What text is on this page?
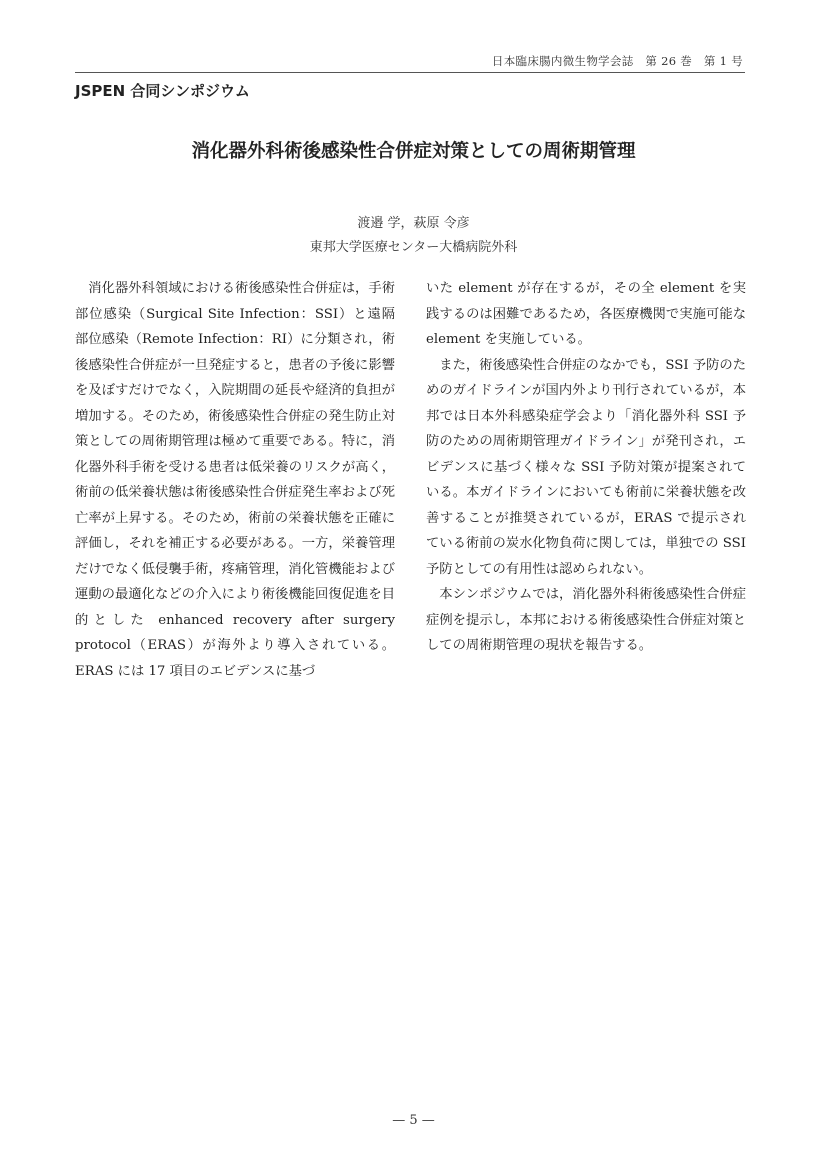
日本臨床腸内微生物学会誌　第 26 巻　第 1 号
JSPEN 合同シンポジウム
消化器外科術後感染性合併症対策としての周術期管理
渡邉 学，萩原 令彦
東邦大学医療センター大橋病院外科

消化器外科領域における術後感染性合併症は，手術部位感染（Surgical Site Infection：SSI）と遠隔部位感染（Remote Infection：RI）に分類され，術後感染性合併症が一旦発症すると，患者の予後に影響を及ぼすだけでなく，入院期間の延長や経済的負担が増加する。そのため，術後感染性合併症の発生防止対策としての周術期管理は極めて重要である。特に，消化器外科手術を受ける患者は低栄養のリスクが高く，術前の低栄養状態は術後感染性合併症発生率および死亡率が上昇する。そのため，術前の栄養状態を正確に評価し，それを補正する必要がある。一方，栄養管理だけでなく低侵襲手術，疼痛管理，消化管機能および運動の最適化などの介入により術後機能回復促進を目的とした enhanced recovery after surgery protocol（ERAS）が海外より導入されている。ERAS には 17 項目のエビデンスに基づ

いた element が存在するが，その全 element を実践するのは困難であるため，各医療機関で実施可能な element を実施している。

また，術後感染性合併症のなかでも，SSI 予防のためのガイドラインが国内外より刊行されているが，本邦では日本外科感染症学会より「消化器外科 SSI 予防のための周術期管理ガイドライン」が発刊され，エビデンスに基づく様々な SSI 予防対策が提案されている。本ガイドラインにおいても術前に栄養状態を改善することが推奨されているが，ERAS で提示されている術前の炭水化物負荷に関しては，単独での SSI 予防としての有用性は認められない。

本シンポジウムでは，消化器外科術後感染性合併症症例を提示し，本邦における術後感染性合併症対策としての周術期管理の現状を報告する。

— 5 —
